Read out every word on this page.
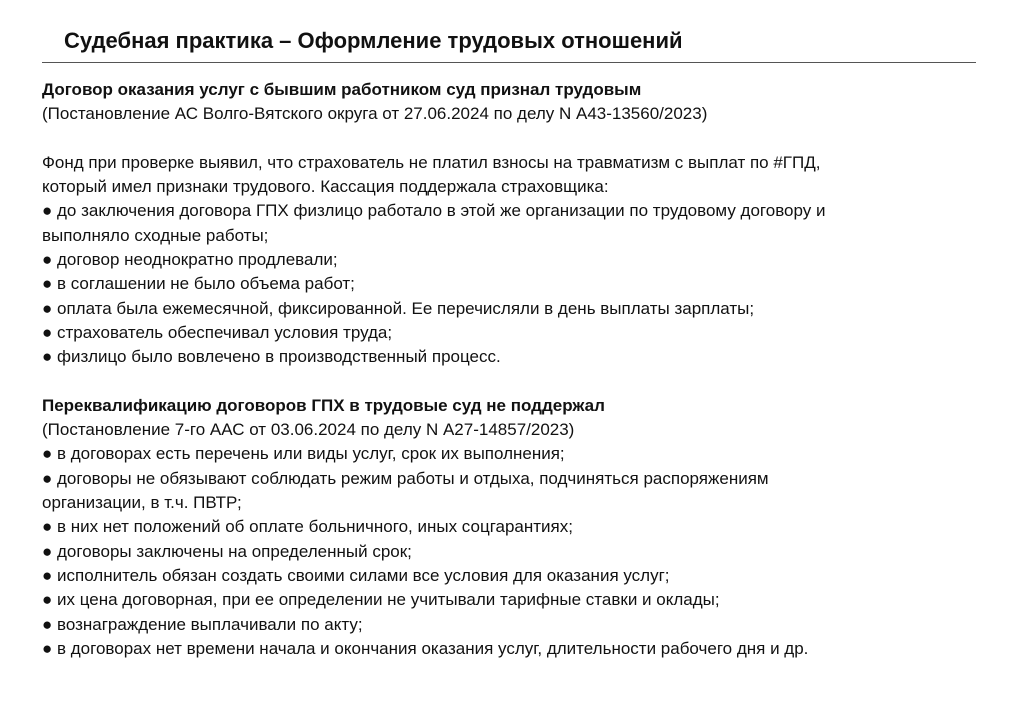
Судебная практика – Оформление трудовых отношений
Договор оказания услуг с бывшим работником суд признал трудовым
(Постановление АС Волго-Вятского округа от 27.06.2024 по делу N А43-13560/2023)
Фонд при проверке выявил, что страхователь не платил взносы на травматизм с выплат по #ГПД,
который имел признаки трудового. Кассация поддержала страховщика:
● до заключения договора ГПХ физлицо работало в этой же организации по трудовому договору и
выполняло сходные работы;
● договор неоднократно продлевали;
● в соглашении не было объема работ;
● оплата была ежемесячной, фиксированной. Ее перечисляли в день выплаты зарплаты;
● страхователь обеспечивал условия труда;
● физлицо было вовлечено в производственный процесс.
Переквалификацию договоров ГПХ в трудовые суд не поддержал
(Постановление 7-го ААС от 03.06.2024 по делу N А27-14857/2023)
● в договорах есть перечень или виды услуг, срок их выполнения;
● договоры не обязывают соблюдать режим работы и отдыха, подчиняться распоряжениям
организации, в т.ч. ПВТР;
● в них нет положений об оплате больничного, иных соцгарантиях;
● договоры заключены на определенный срок;
● исполнитель обязан создать своими силами все условия для оказания услуг;
● их цена договорная, при ее определении не учитывали тарифные ставки и оклады;
● вознаграждение выплачивали по акту;
● в договорах нет времени начала и окончания оказания услуг, длительности рабочего дня и др.
